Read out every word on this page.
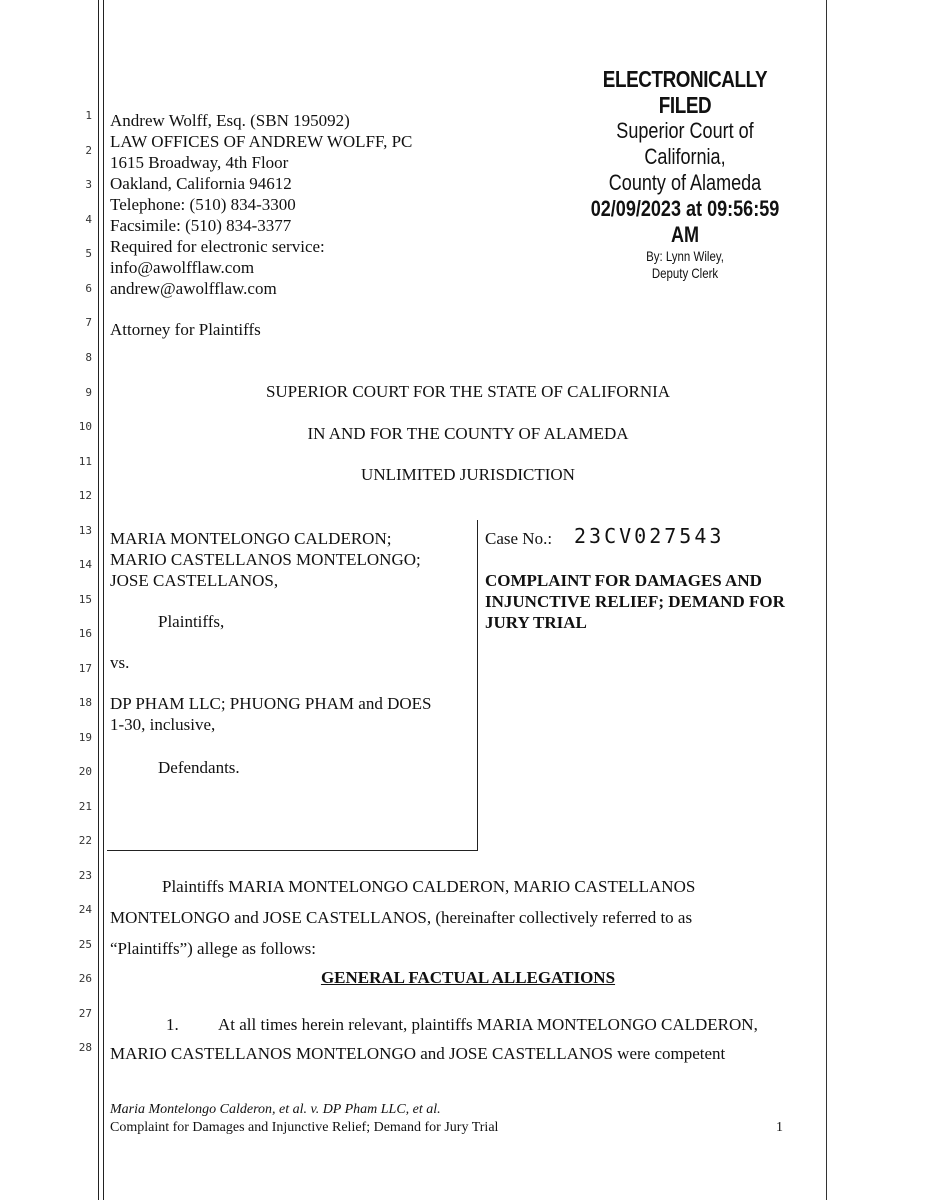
1
2
3
4
5
6
7
8
9
10
11
12
13
14
15
16
17
18
19
20
21
22
23
24
25
26
27
28
Andrew Wolff, Esq. (SBN 195092)
LAW OFFICES OF ANDREW WOLFF, PC
1615 Broadway, 4th Floor
Oakland, California 94612
Telephone: (510) 834-3300
Facsimile: (510) 834-3377
Required for electronic service:
info@awolfflaw.com
andrew@awolfflaw.com
Attorney for Plaintiffs
ELECTRONICALLY FILED
Superior Court of California,
County of Alameda
02/09/2023 at 09:56:59 AM
By: Lynn Wiley,
Deputy Clerk
SUPERIOR COURT FOR THE STATE OF CALIFORNIA
IN AND FOR THE COUNTY OF ALAMEDA
UNLIMITED JURISDICTION
MARIA MONTELONGO CALDERON;
MARIO CASTELLANOS MONTELONGO;
JOSE CASTELLANOS,
Plaintiffs,
vs.
DP PHAM LLC; PHUONG PHAM and DOES
1-30, inclusive,
Defendants.
Case No.: 23CV027543
COMPLAINT FOR DAMAGES AND
INJUNCTIVE RELIEF; DEMAND FOR
JURY TRIAL
Plaintiffs MARIA MONTELONGO CALDERON, MARIO CASTELLANOS
MONTELONGO and JOSE CASTELLANOS, (hereinafter collectively referred to as
“Plaintiffs”) allege as follows:
GENERAL FACTUAL ALLEGATIONS
1. At all times herein relevant, plaintiffs MARIA MONTELONGO CALDERON,
MARIO CASTELLANOS MONTELONGO and JOSE CASTELLANOS were competent
Maria Montelongo Calderon, et al. v. DP Pham LLC, et al.
Complaint for Damages and Injunctive Relief; Demand for Jury Trial	1
